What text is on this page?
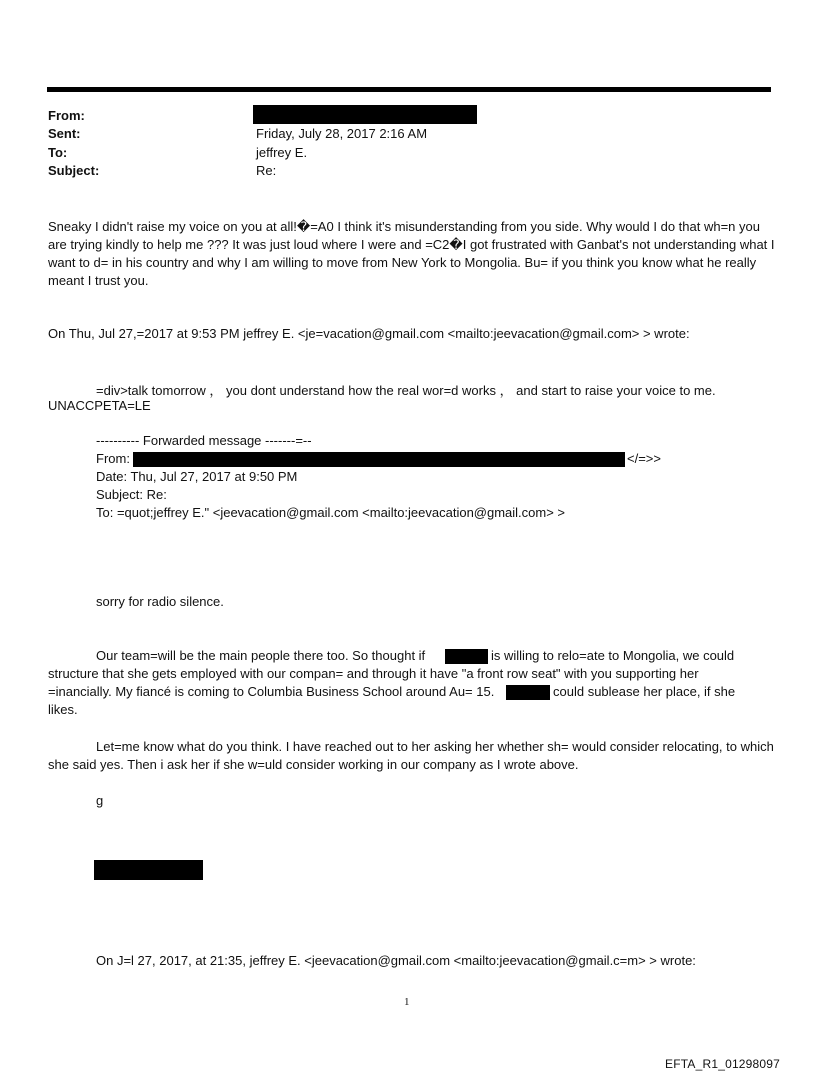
From:
Sent:	Friday, July 28, 2017 2:16 AM
To:	jeffrey E.
Subject:	Re:
Sneaky I didn't raise my voice on you at all!�=A0 I think it's misunderstanding from you side. Why would I do that wh=n you are trying kindly to help me ??? It was just loud where I were and =C2�I got frustrated with Ganbat's not understanding what I want to d= in his country and why I am willing to move from New York to Mongolia. Bu= if you think you know what he really meant I trust you.
On Thu, Jul 27,=2017 at 9:53 PM jeffrey E. <je=vacation@gmail.com <mailto:jeevacation@gmail.com> > wrote:
=div>talk tomorrow ， you dont understand how the real wor=d works ， and start to raise your voice to me.
UNACCPETA=LE
---------- Forwarded message -------=--
From:	</=>>
Date: Thu, Jul 27, 2017 at 9:50 PM
Subject: Re:
To: =quot;jeffrey E." <jeevacation@gmail.com <mailto:jeevacation@gmail.com> >
sorry for radio silence.
Our team=will be the main people there too. So thought if	is willing to relo=ate to Mongolia, we could
structure that she gets employed with our compan= and through it have "a front row seat" with you supporting her
=inancially. My fiancé is coming to Columbia Business School around Au= 15.	could sublease her place, if she
likes.
Let=me know what do you think. I have reached out to her asking her whether sh= would consider relocating, to which she said yes. Then i ask her if she w=uld consider working in our company as I wrote above.
g
On J=l 27, 2017, at 21:35, jeffrey E. <jeevacation@gmail.com <mailto:jeevacation@gmail.c=m> > wrote:
1
EFTA_R1_01298097
